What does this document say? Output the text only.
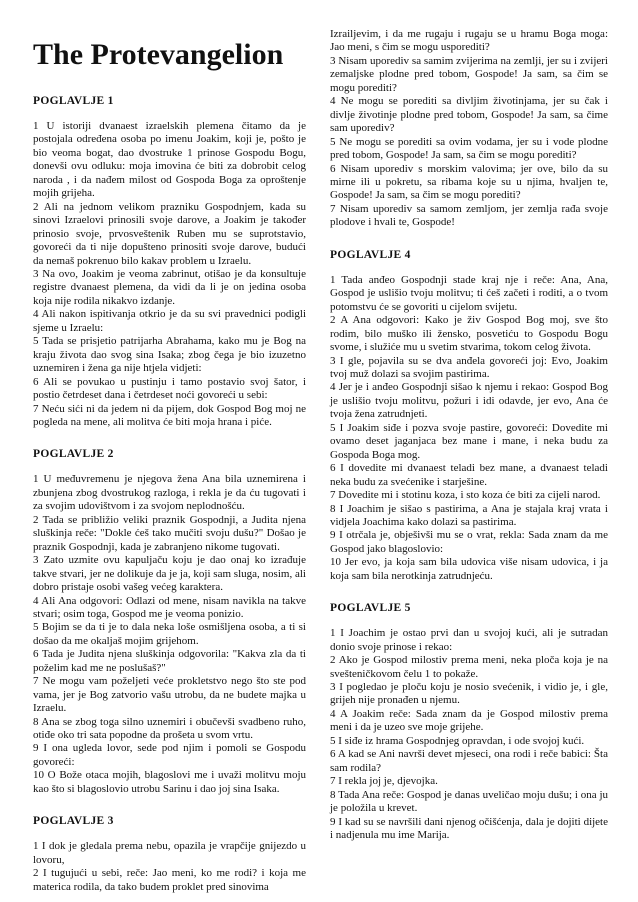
The Protevangelion
POGLAVLJE 1

1 U istoriji dvanaest izraelskih plemena čitamo da je postojala određena osoba po imenu Joakim, koji je, pošto je bio veoma bogat, dao dvostruke 1 prinose Gospodu Bogu, donevši ovu odluku: moja imovina će biti za dobrobit celog naroda , i da nađem milost od Gospoda Boga za oproštenje mojih grijeha.

2 Ali na jednom velikom prazniku Gospodnjem, kada su sinovi Izraelovi prinosili svoje darove, a Joakim je također prinosio svoje, prvosveštenik Ruben mu se suprotstavio, govoreći da ti nije dopušteno prinositi svoje darove, budući da nemaš pokrenuo bilo kakav problem u Izraelu.

3 Na ovo, Joakim je veoma zabrinut, otišao je da konsultuje registre dvanaest plemena, da vidi da li je on jedina osoba koja nije rodila nikakvo izdanje.

4 Ali nakon ispitivanja otkrio je da su svi pravednici podigli sjeme u Izraelu:

5 Tada se prisjetio patrijarha Abrahama, kako mu je Bog na kraju života dao svog sina Isaka; zbog čega je bio izuzetno uznemiren i žena ga nije htjela vidjeti:

6 Ali se povukao u pustinju i tamo postavio svoj šator, i postio četrdeset dana i četrdeset noći govoreći u sebi:

7 Neću sići ni da jedem ni da pijem, dok Gospod Bog moj ne pogleda na mene, ali molitva će biti moja hrana i piće.

POGLAVLJE 2

1 U međuvremenu je njegova žena Ana bila uznemirena i zbunjena zbog dvostrukog razloga, i rekla je da ću tugovati i za svojim udovištvom i za svojom neplodnošću.

2 Tada se približio veliki praznik Gospodnji, a Judita njena sluškinja reče: "Dokle ćeš tako mučiti svoju dušu?" Došao je praznik Gospodnji, kada je zabranjeno nikome tugovati.

3 Zato uzmite ovu kapuljaču koju je dao onaj ko izrađuje takve stvari, jer ne dolikuje da je ja, koji sam sluga, nosim, ali dobro pristaje osobi vašeg većeg karaktera.

4 Ali Ana odgovori: Odlazi od mene, nisam navikla na takve stvari; osim toga, Gospod me je veoma ponizio.

5 Bojim se da ti je to dala neka loše osmišljena osoba, a ti si došao da me okaljaš mojim grijehom.

6 Tada je Judita njena sluškinja odgovorila: "Kakva zla da ti poželim kad me ne poslušaš?"

7 Ne mogu vam poželjeti veće prokletstvo nego što ste pod vama, jer je Bog zatvorio vašu utrobu, da ne budete majka u Izraelu.

8 Ana se zbog toga silno uznemiri i obučevši svadbeno ruho, otiđe oko tri sata popodne da prošeta u svom vrtu.

9 I ona ugleda lovor, sede pod njim i pomoli se Gospodu govoreći:

10 O Bože otaca mojih, blagoslovi me i uvaži molitvu moju kao što si blagoslovio utrobu Sarinu i dao joj sina Isaka.

POGLAVLJE 3

1 I dok je gledala prema nebu, opazila je vrapčije gnijezdo u lovoru,

2 I tugujući u sebi, reče: Jao meni, ko me rodi? i koja me materica rodila, da tako budem proklet pred sinovima

Izrailjevim, i da me rugaju i rugaju se u hramu Boga moga: Jao meni, s čim se mogu usporediti?

3 Nisam uporediv sa samim zvijerima na zemlji, jer su i zvijeri zemaljske plodne pred tobom, Gospode! Ja sam, sa čim se mogu porediti?

4 Ne mogu se porediti sa divljim životinjama, jer su čak i divlje životinje plodne pred tobom, Gospode! Ja sam, sa čime sam uporediv?

5 Ne mogu se porediti sa ovim vodama, jer su i vode plodne pred tobom, Gospode! Ja sam, sa čim se mogu porediti?

6 Nisam uporediv s morskim valovima; jer ove, bilo da su mirne ili u pokretu, sa ribama koje su u njima, hvaljen te, Gospode! Ja sam, sa čim se mogu porediti?

7 Nisam uporediv sa samom zemljom, jer zemlja rađa svoje plodove i hvali te, Gospode!

POGLAVLJE 4

1 Tada anđeo Gospodnji stade kraj nje i reče: Ana, Ana, Gospod je uslišio tvoju molitvu; ti ćeš začeti i roditi, a o tvom potomstvu će se govoriti u cijelom svijetu.

2 A Ana odgovori: Kako je živ Gospod Bog moj, sve što rodim, bilo muško ili žensko, posvetiću to Gospodu Bogu svome, i služiće mu u svetim stvarima, tokom celog života.

3 I gle, pojavila su se dva anđela govoreći joj: Evo, Joakim tvoj muž dolazi sa svojim pastirima.

4 Jer je i anđeo Gospodnji sišao k njemu i rekao: Gospod Bog je uslišio tvoju molitvu, požuri i idi odavde, jer evo, Ana će tvoja žena zatrudnjeti.

5 I Joakim siđe i pozva svoje pastire, govoreći: Dovedite mi ovamo deset jaganjaca bez mane i mane, i neka budu za Gospoda Boga mog.

6 I dovedite mi dvanaest teladi bez mane, a dvanaest teladi neka budu za svećenike i starješine.

7 Dovedite mi i stotinu koza, i sto koza će biti za cijeli narod.

8 I Joachim je sišao s pastirima, a Ana je stajala kraj vrata i vidjela Joachima kako dolazi sa pastirima.

9 I otrčala je, obješivši mu se o vrat, rekla: Sada znam da me Gospod jako blagoslovio:

10 Jer evo, ja koja sam bila udovica više nisam udovica, i ja koja sam bila nerotkinja zatrudnjeću.

POGLAVLJE 5

1 I Joachim je ostao prvi dan u svojoj kući, ali je sutradan donio svoje prinose i rekao:

2 Ako je Gospod milostiv prema meni, neka ploča koja je na svešteničkovom čelu 1 to pokaže.

3 I pogledao je ploču koju je nosio svećenik, i vidio je, i gle, grijeh nije pronađen u njemu.

4 A Joakim reče: Sada znam da je Gospod milostiv prema meni i da je uzeo sve moje grijehe.

5 I siđe iz hrama Gospodnjeg opravdan, i ode svojoj kući.

6 A kad se Ani navrši devet mjeseci, ona rodi i reče babici: Šta sam rodila?

7 I rekla joj je, djevojka.

8 Tada Ana reče: Gospod je danas uveličao moju dušu; i ona ju je položila u krevet.

9 I kad su se navršili dani njenog očišćenja, dala je dojiti dijete i nadjenula mu ime Marija.
